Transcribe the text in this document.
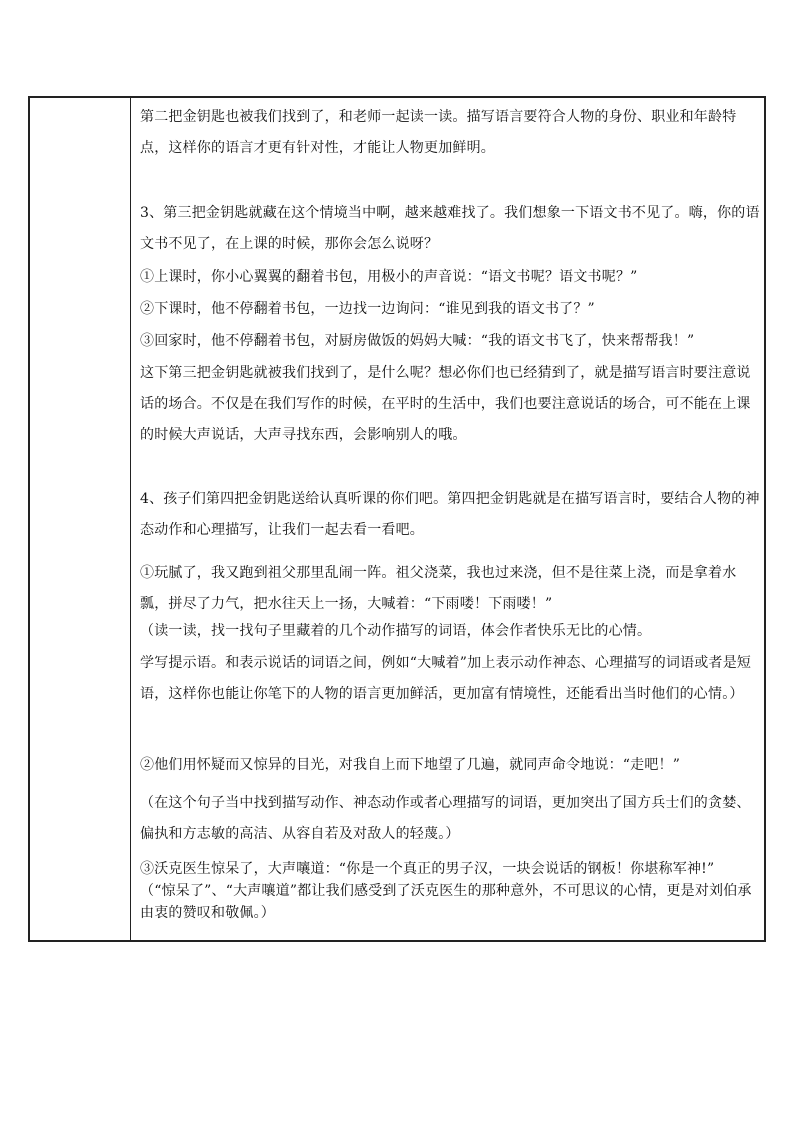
第二把金钥匙也被我们找到了，和老师一起读一读。描写语言要符合人物的身份、职业和年龄特点，这样你的语言才更有针对性，才能让人物更加鲜明。
3、第三把金钥匙就藏在这个情境当中啊，越来越难找了。我们想象一下语文书不见了。嗨，你的语文书不见了，在上课的时候，那你会怎么说呀？
①上课时，你小心翼翼的翻着书包，用极小的声音说：“语文书呢？语文书呢？”
②下课时，他不停翻着书包，一边找一边询问：“谁见到我的语文书了？”
③回家时，他不停翻着书包，对厨房做饭的妈妈大喊：“我的语文书飞了，快来帮帮我！”
这下第三把金钥匙就被我们找到了，是什么呢？想必你们也已经猜到了，就是描写语言时要注意说话的场合。不仅是在我们写作的时候，在平时的生活中，我们也要注意说话的场合，可不能在上课的时候大声说话，大声寻找东西，会影响别人的哦。
4、孩子们第四把金钥匙送给认真听课的你们吧。第四把金钥匙就是在描写语言时，要结合人物的神态动作和心理描写，让我们一起去看一看吧。
①玩腻了，我又跑到祖父那里乱闹一阵。祖父浇菜，我也过来浇，但不是往菜上浇，而是拿着水瓢，拼尽了力气，把水往天上一扬，大喊着：“下雨喽！下雨喽！”
（读一读，找一找句子里藏着的几个动作描写的词语，体会作者快乐无比的心情。
学写提示语。和表示说话的词语之间，例如“大喊着”加上表示动作神态、心理描写的词语或者是短语，这样你也能让你笔下的人物的语言更加鲜活，更加富有情境性，还能看出当时他们的心情。）
②他们用怀疑而又惊异的目光，对我自上而下地望了几遍，就同声命令地说：“走吧！”
（在这个句子当中找到描写动作、神态动作或者心理描写的词语，更加突出了国方兵士们的贪婪、偏执和方志敏的高洁、从容自若及对敌人的轻蔑。）
③沃克医生惊呆了，大声嚷道：“你是一个真正的男子汉，一块会说话的钢板！你堪称军神!”
（“惊呆了”、“大声嚷道”都让我们感受到了沃克医生的那种意外，不可思议的心情，更是对刘伯承由衷的赞叹和敬佩。）
